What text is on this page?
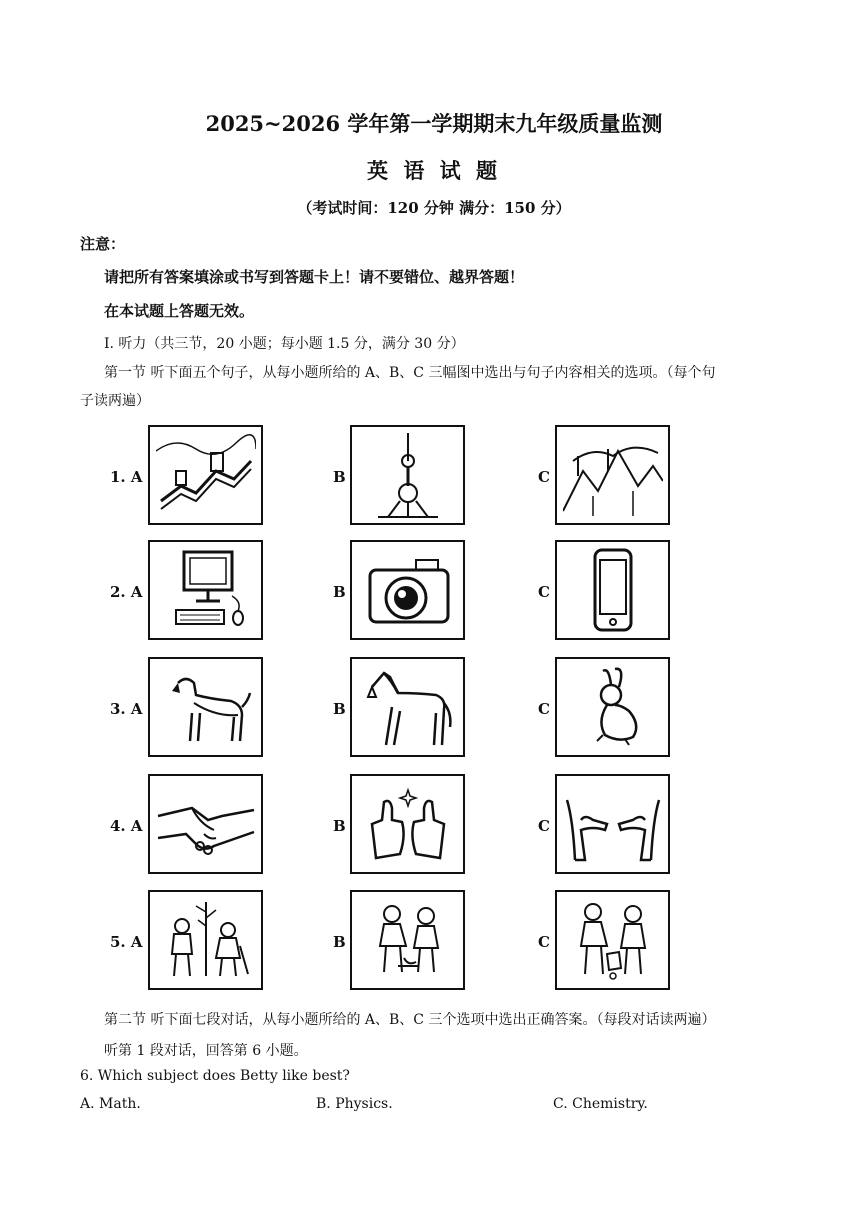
2025~2026 学年第一学期期末九年级质量监测
英 语 试 题
（考试时间：120 分钟 满分：150 分）
注意：
请把所有答案填涂或书写到答题卡上！请不要错位、越界答题！
在本试题上答题无效。
I. 听力（共三节，20 小题；每小题 1.5 分，满分 30 分）
第一节 听下面五个句子，从每小题所给的 A、B、C 三幅图中选出与句子内容相关的选项。（每个句
子读两遍）
1. A	B	C
2. A	B	C
3. A	B	C
4. A	B	C
5. A	B	C
第二节 听下面七段对话，从每小题所给的 A、B、C 三个选项中选出正确答案。（每段对话读两遍）
听第 1 段对话，回答第 6 小题。
6. Which subject does Betty like best?
A. Math.	B. Physics.	C. Chemistry.
